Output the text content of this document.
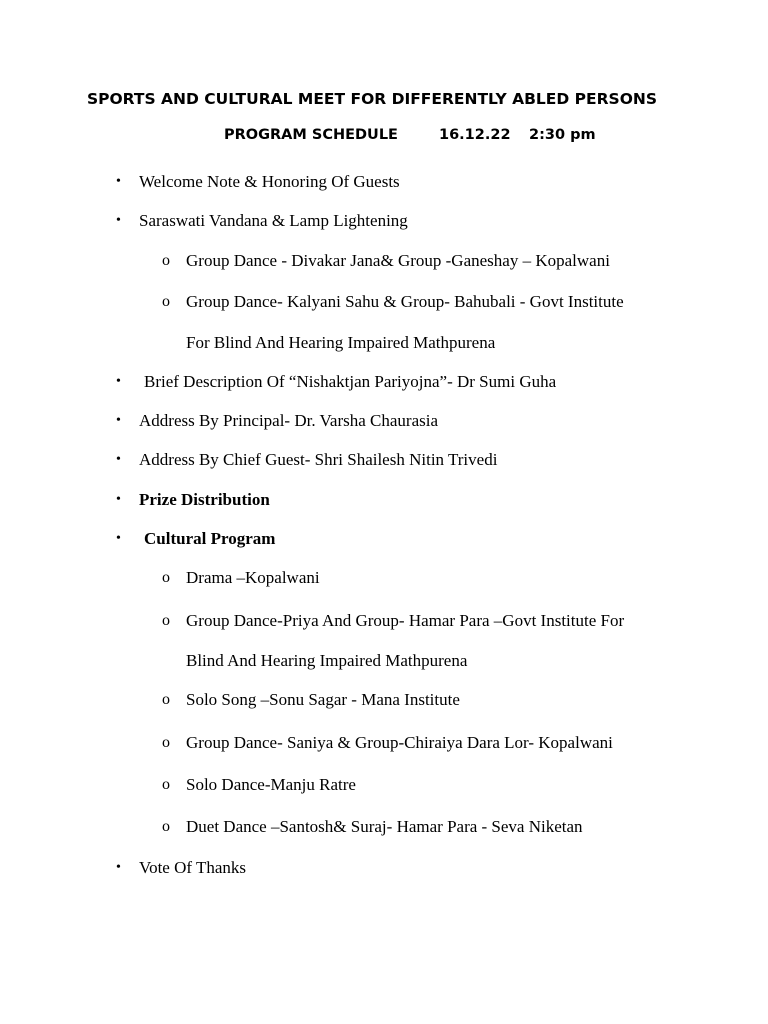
SPORTS AND CULTURAL MEET FOR DIFFERENTLY ABLED PERSONS
PROGRAM SCHEDULE	16.12.22 2:30 pm
• Welcome Note & Honoring Of Guests
• Saraswati Vandana & Lamp Lightening
o Group Dance - Divakar Jana& Group -Ganeshay – Kopalwani
o Group Dance- Kalyani Sahu & Group- Bahubali - Govt Institute
For Blind And Hearing Impaired Mathpurena
• Brief Description Of “Nishaktjan Pariyojna”- Dr Sumi Guha
• Address By Principal- Dr. Varsha Chaurasia
• Address By Chief Guest- Shri Shailesh Nitin Trivedi
• Prize Distribution
• Cultural Program
o Drama –Kopalwani
o Group Dance-Priya And Group- Hamar Para –Govt Institute For
Blind And Hearing Impaired Mathpurena
o Solo Song –Sonu Sagar - Mana Institute
o Group Dance- Saniya & Group-Chiraiya Dara Lor- Kopalwani
o Solo Dance-Manju Ratre
o Duet Dance –Santosh& Suraj- Hamar Para - Seva Niketan
• Vote Of Thanks
